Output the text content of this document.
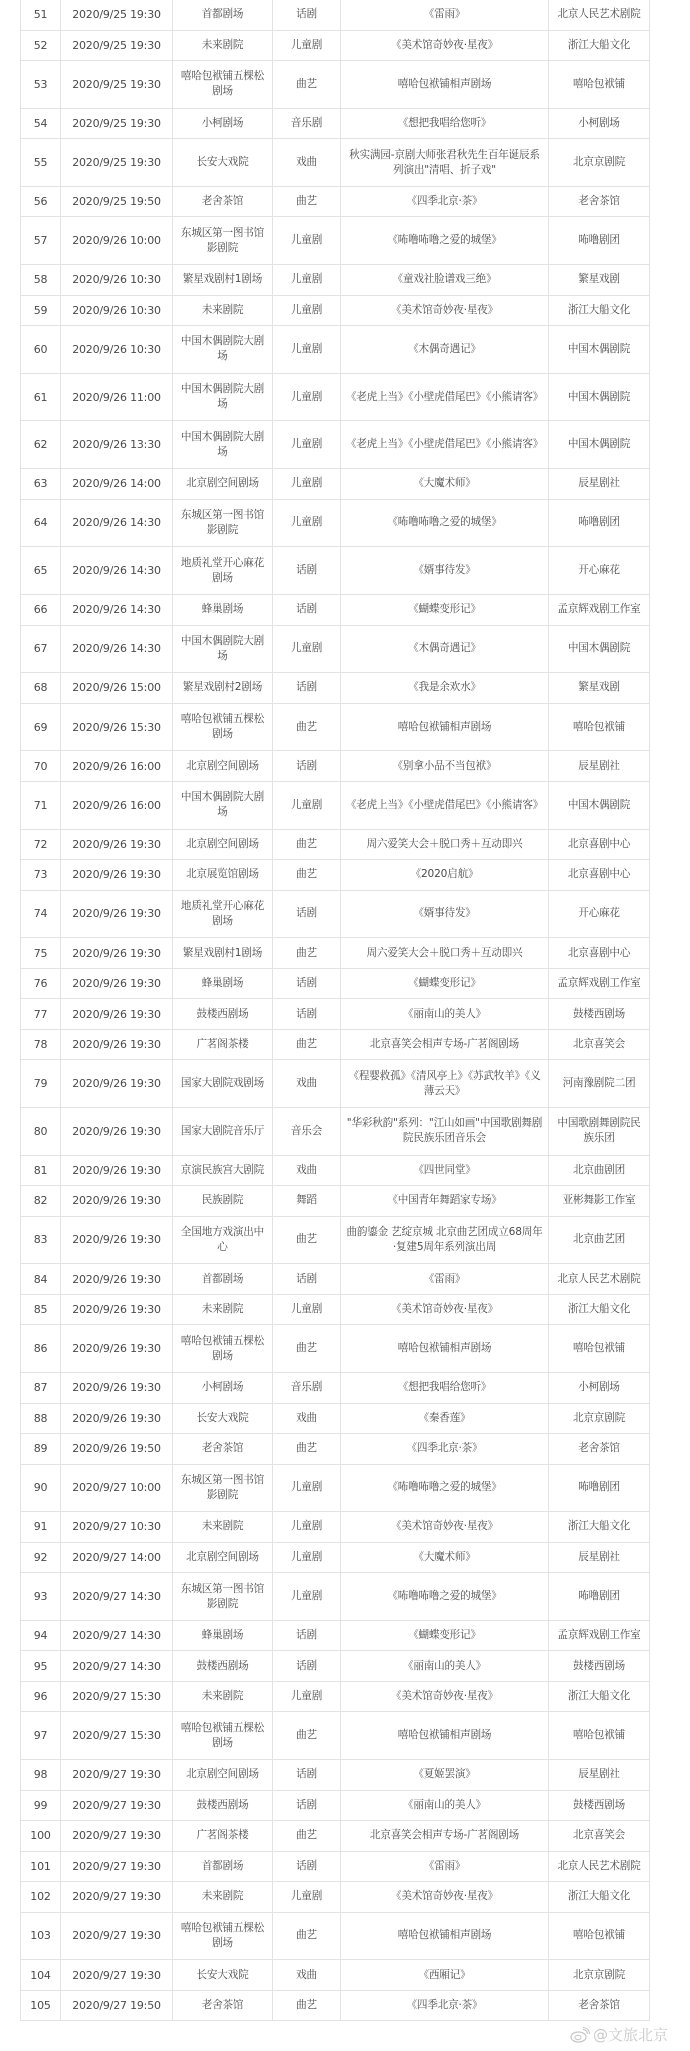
51	2020/9/25 19:30	首都剧场	话剧	《雷雨》	北京人民艺术剧院
52	2020/9/25 19:30	未来剧院	儿童剧	《美术馆奇妙夜·星夜》	浙江大船文化
53	2020/9/25 19:30	嘻哈包袱铺五棵松剧场	曲艺	嘻哈包袱铺相声剧场	嘻哈包袱铺
54	2020/9/25 19:30	小柯剧场	音乐剧	《想把我唱给您听》	小柯剧场
55	2020/9/25 19:30	长安大戏院	戏曲	秋实满园-京剧大师张君秋先生百年诞辰系列演出"清唱、折子戏"	北京京剧院
56	2020/9/25 19:50	老舍茶馆	曲艺	《四季北京·茶》	老舍茶馆
57	2020/9/26 10:00	东城区第一图书馆影剧院	儿童剧	《咘噜咘噜之爱的城堡》	咘噜剧团
58	2020/9/26 10:30	繁星戏剧村1剧场	儿童剧	《童戏社脸谱戏三绝》	繁星戏剧
59	2020/9/26 10:30	未来剧院	儿童剧	《美术馆奇妙夜·星夜》	浙江大船文化
60	2020/9/26 10:30	中国木偶剧院大剧场	儿童剧	《木偶奇遇记》	中国木偶剧院
61	2020/9/26 11:00	中国木偶剧院大剧场	儿童剧	《老虎上当》《小壁虎借尾巴》《小熊请客》	中国木偶剧院
62	2020/9/26 13:30	中国木偶剧院大剧场	儿童剧	《老虎上当》《小壁虎借尾巴》《小熊请客》	中国木偶剧院
63	2020/9/26 14:00	北京剧空间剧场	儿童剧	《大魔术师》	辰星剧社
64	2020/9/26 14:30	东城区第一图书馆影剧院	儿童剧	《咘噜咘噜之爱的城堡》	咘噜剧团
65	2020/9/26 14:30	地质礼堂开心麻花剧场	话剧	《婿事待发》	开心麻花
66	2020/9/26 14:30	蜂巢剧场	话剧	《蝴蝶变形记》	孟京辉戏剧工作室
67	2020/9/26 14:30	中国木偶剧院大剧场	儿童剧	《木偶奇遇记》	中国木偶剧院
68	2020/9/26 15:00	繁星戏剧村2剧场	话剧	《我是余欢水》	繁星戏剧
69	2020/9/26 15:30	嘻哈包袱铺五棵松剧场	曲艺	嘻哈包袱铺相声剧场	嘻哈包袱铺
70	2020/9/26 16:00	北京剧空间剧场	话剧	《别拿小品不当包袱》	辰星剧社
71	2020/9/26 16:00	中国木偶剧院大剧场	儿童剧	《老虎上当》《小壁虎借尾巴》《小熊请客》	中国木偶剧院
72	2020/9/26 19:30	北京剧空间剧场	曲艺	周六爱笑大会＋脱口秀＋互动即兴	北京喜剧中心
73	2020/9/26 19:30	北京展览馆剧场	曲艺	《2020启航》	北京喜剧中心
74	2020/9/26 19:30	地质礼堂开心麻花剧场	话剧	《婿事待发》	开心麻花
75	2020/9/26 19:30	繁星戏剧村1剧场	曲艺	周六爱笑大会＋脱口秀＋互动即兴	北京喜剧中心
76	2020/9/26 19:30	蜂巢剧场	话剧	《蝴蝶变形记》	孟京辉戏剧工作室
77	2020/9/26 19:30	鼓楼西剧场	话剧	《丽南山的美人》	鼓楼西剧场
78	2020/9/26 19:30	广茗阁茶楼	曲艺	北京喜笑会相声专场-广茗阁剧场	北京喜笑会
79	2020/9/26 19:30	国家大剧院戏剧场	戏曲	《程婴救孤》《清风亭上》《苏武牧羊》《义薄云天》	河南豫剧院二团
80	2020/9/26 19:30	国家大剧院音乐厅	音乐会	"华彩秋韵"系列："江山如画"中国歌剧舞剧院民族乐团音乐会	中国歌剧舞剧院民族乐团
81	2020/9/26 19:30	京演民族宫大剧院	戏曲	《四世同堂》	北京曲剧团
82	2020/9/26 19:30	民族剧院	舞蹈	《中国青年舞蹈家专场》	亚彬舞影工作室
83	2020/9/26 19:30	全国地方戏演出中心	曲艺	曲韵鎏金 艺绽京城 北京曲艺团成立68周年·复建5周年系列演出周	北京曲艺团
84	2020/9/26 19:30	首都剧场	话剧	《雷雨》	北京人民艺术剧院
85	2020/9/26 19:30	未来剧院	儿童剧	《美术馆奇妙夜·星夜》	浙江大船文化
86	2020/9/26 19:30	嘻哈包袱铺五棵松剧场	曲艺	嘻哈包袱铺相声剧场	嘻哈包袱铺
87	2020/9/26 19:30	小柯剧场	音乐剧	《想把我唱给您听》	小柯剧场
88	2020/9/26 19:30	长安大戏院	戏曲	《秦香莲》	北京京剧院
89	2020/9/26 19:50	老舍茶馆	曲艺	《四季北京·茶》	老舍茶馆
90	2020/9/27 10:00	东城区第一图书馆影剧院	儿童剧	《咘噜咘噜之爱的城堡》	咘噜剧团
91	2020/9/27 10:30	未来剧院	儿童剧	《美术馆奇妙夜·星夜》	浙江大船文化
92	2020/9/27 14:00	北京剧空间剧场	儿童剧	《大魔术师》	辰星剧社
93	2020/9/27 14:30	东城区第一图书馆影剧院	儿童剧	《咘噜咘噜之爱的城堡》	咘噜剧团
94	2020/9/27 14:30	蜂巢剧场	话剧	《蝴蝶变形记》	孟京辉戏剧工作室
95	2020/9/27 14:30	鼓楼西剧场	话剧	《丽南山的美人》	鼓楼西剧场
96	2020/9/27 15:30	未来剧院	儿童剧	《美术馆奇妙夜·星夜》	浙江大船文化
97	2020/9/27 15:30	嘻哈包袱铺五棵松剧场	曲艺	嘻哈包袱铺相声剧场	嘻哈包袱铺
98	2020/9/27 19:30	北京剧空间剧场	话剧	《夏姬罢演》	辰星剧社
99	2020/9/27 19:30	鼓楼西剧场	话剧	《丽南山的美人》	鼓楼西剧场
100	2020/9/27 19:30	广茗阁茶楼	曲艺	北京喜笑会相声专场-广茗阁剧场	北京喜笑会
101	2020/9/27 19:30	首都剧场	话剧	《雷雨》	北京人民艺术剧院
102	2020/9/27 19:30	未来剧院	儿童剧	《美术馆奇妙夜·星夜》	浙江大船文化
103	2020/9/27 19:30	嘻哈包袱铺五棵松剧场	曲艺	嘻哈包袱铺相声剧场	嘻哈包袱铺
104	2020/9/27 19:30	长安大戏院	戏曲	《西厢记》	北京京剧院
105	2020/9/27 19:50	老舍茶馆	曲艺	《四季北京·茶》	老舍茶馆
@文旅北京
